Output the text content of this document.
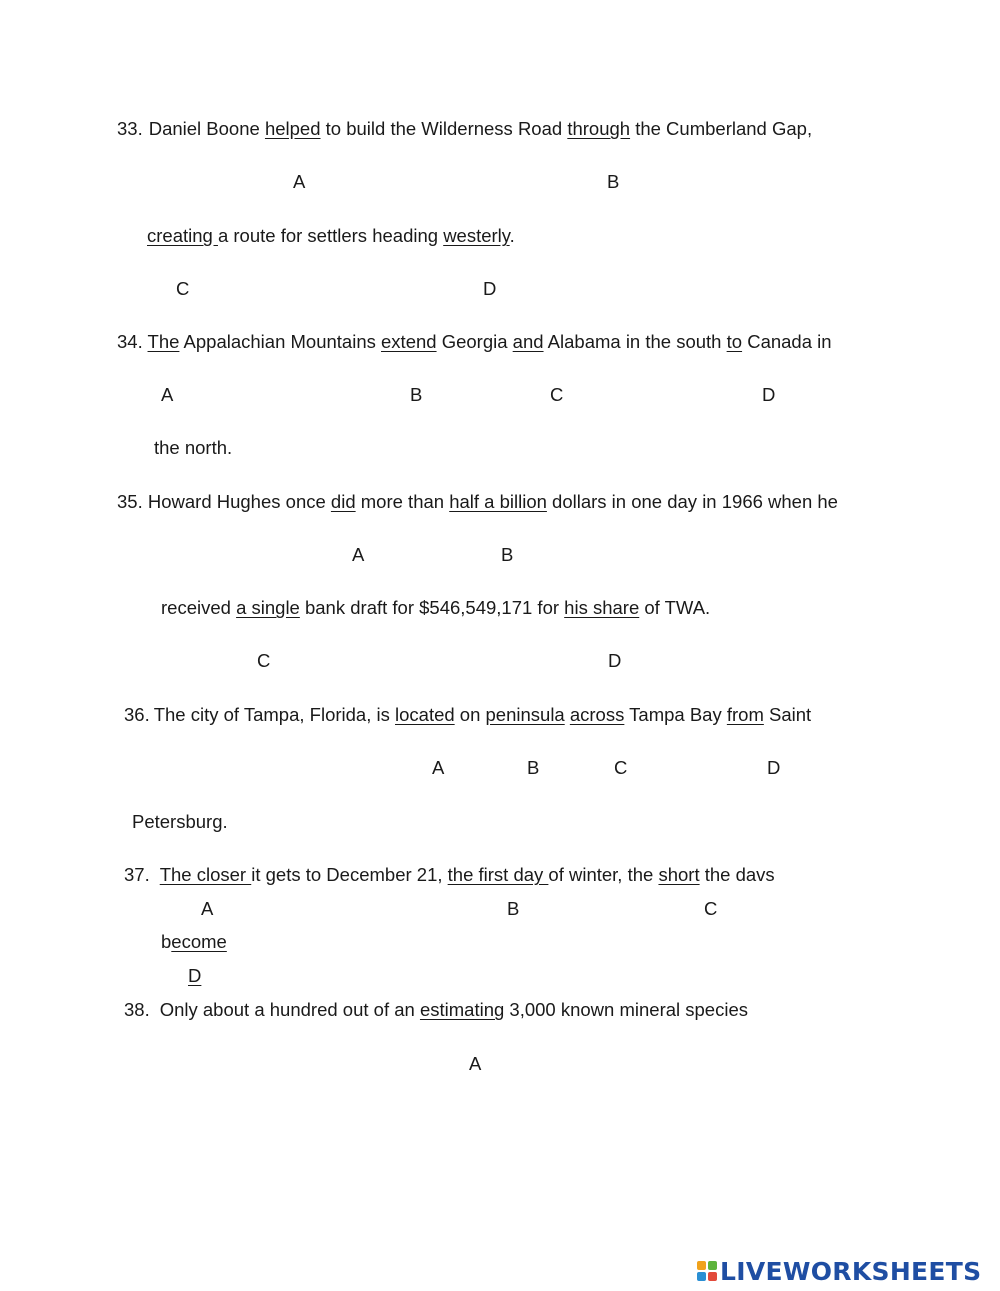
33. Daniel Boone helped to build the Wilderness Road through the Cumberland Gap,
A	B
creating a route for settlers heading westerly.
C	D
34. The Appalachian Mountains extend Georgia and Alabama in the south to Canada in
A	B	C	D
the north.
35. Howard Hughes once did more than half a billion dollars in one day in 1966 when he
A	B
received a single bank draft for $546,549,171 for his share of TWA.
C	D
36. The city of Tampa, Florida, is located on peninsula across Tampa Bay from Saint
A	B	C	D
Petersburg.
37. The closer it gets to December 21, the first day of winter, the short the davs
A	B	C
become
D
38. Only about a hundred out of an estimating 3,000 known mineral species
A
LIVEWORKSHEETS
